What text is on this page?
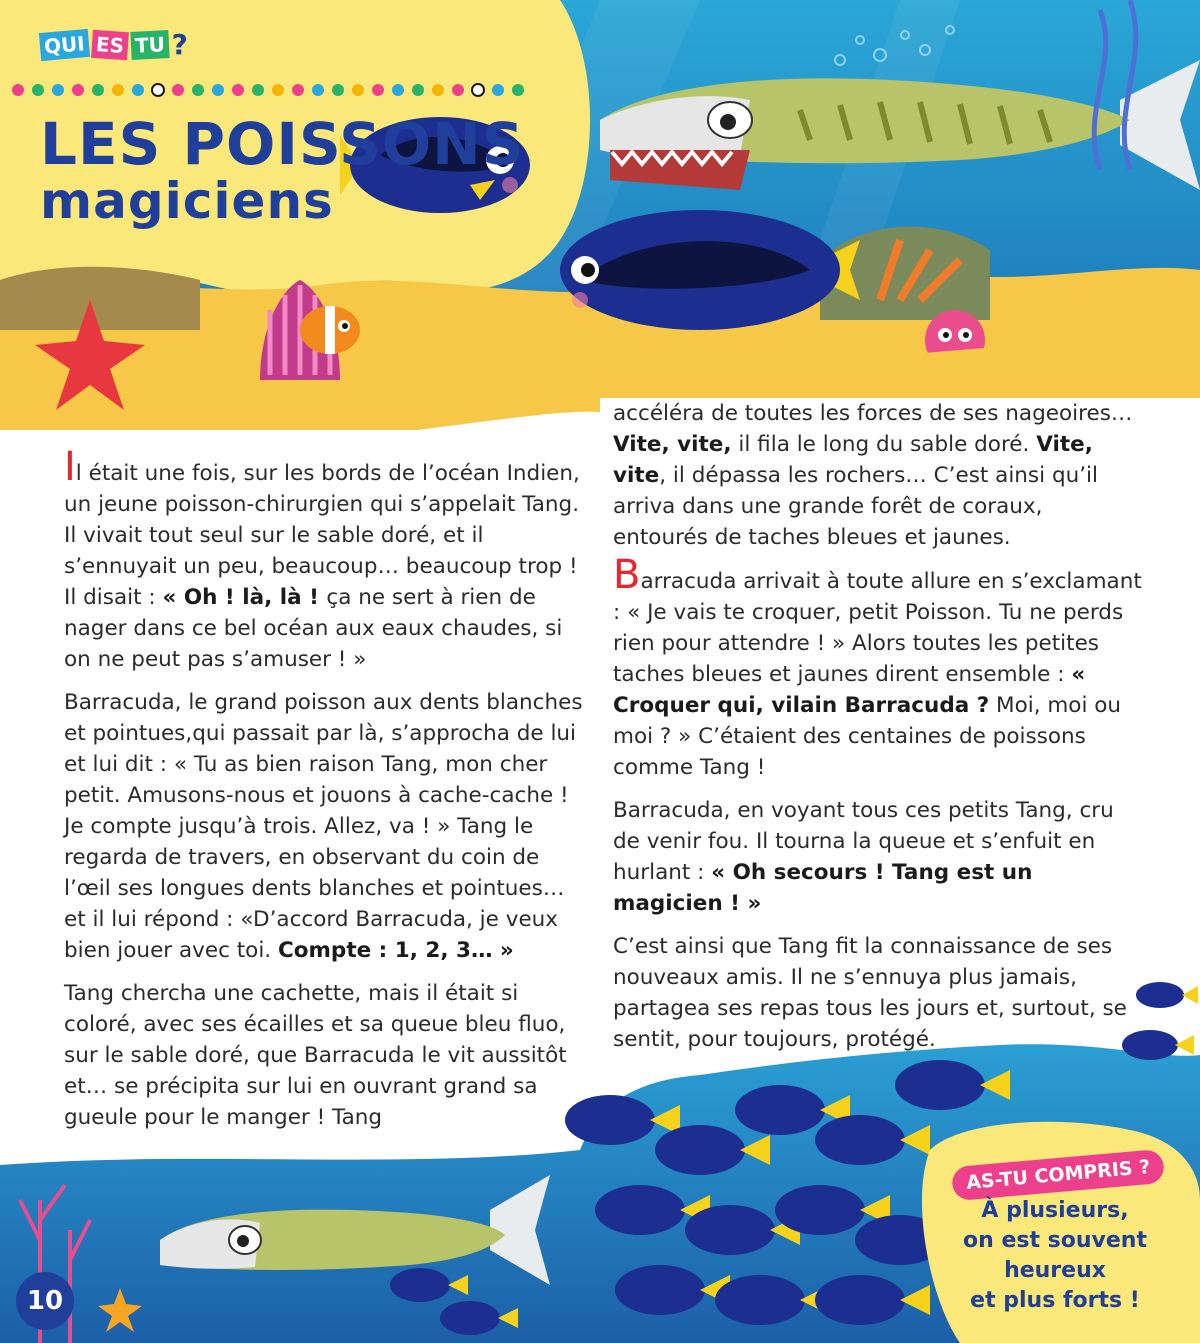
QUI ES TU ?
LES POISSONS
magiciens

Il était une fois, sur les bords de l’océan Indien, un jeune poisson-chirurgien qui s’appelait Tang. Il vivait tout seul sur le sable doré, et il s’ennuyait un peu, beaucoup… beaucoup trop ! Il disait : « Oh ! là, là ! ça ne sert à rien de nager dans ce bel océan aux eaux chaudes, si on ne peut pas s’amuser ! »

Barracuda, le grand poisson aux dents blanches et pointues,qui passait par là, s’approcha de lui et lui dit : « Tu as bien raison Tang, mon cher petit. Amusons-nous et jouons à cache-cache ! Je compte jusqu’à trois. Allez, va ! » Tang le regarda de travers, en observant du coin de l’œil ses longues dents blanches et pointues… et il lui répond : «D’accord Barracuda, je veux bien jouer avec toi. Compte : 1, 2, 3… »

Tang chercha une cachette, mais il était si coloré, avec ses écailles et sa queue bleu fluo, sur le sable doré, que Barracuda le vit aussitôt et… se précipita sur lui en ouvrant grand sa gueule pour le manger ! Tang

accéléra de toutes les forces de ses nageoires… Vite, vite, il fila le long du sable doré. Vite, vite, il dépassa les rochers… C’est ainsi qu’il arriva dans une grande forêt de coraux, entourés de taches bleues et jaunes.

Barracuda arrivait à toute allure en s’exclamant : « Je vais te croquer, petit Poisson. Tu ne perds rien pour attendre ! » Alors toutes les petites taches bleues et jaunes dirent ensemble : « Croquer qui, vilain Barracuda ? Moi, moi ou moi ? » C’étaient des centaines de poissons comme Tang !

Barracuda, en voyant tous ces petits Tang, cru de venir fou. Il tourna la queue et s’enfuit en hurlant : « Oh secours ! Tang est un magicien ! »

C’est ainsi que Tang fit la connaissance de ses nouveaux amis. Il ne s’ennuya plus jamais, partagea ses repas tous les jours et, surtout, se sentit, pour toujours, protégé.

10
AS-TU COMPRIS ?
À plusieurs,
on est souvent
heureux
et plus forts !
